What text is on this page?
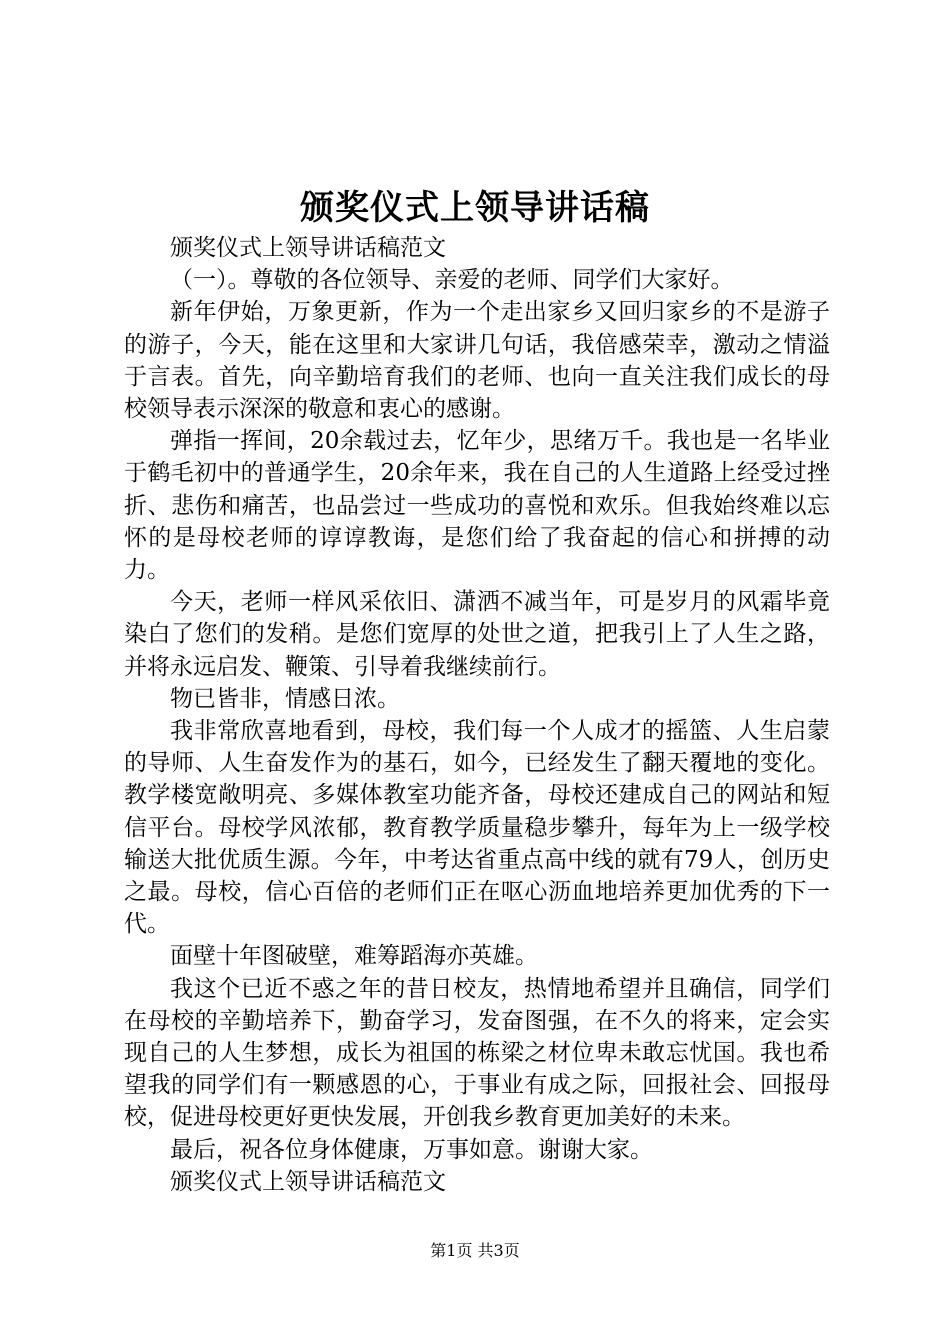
颁奖仪式上领导讲话稿

颁奖仪式上领导讲话稿范文

（一）。尊敬的各位领导、亲爱的老师、同学们大家好。

新年伊始，万象更新，作为一个走出家乡又回归家乡的不是游子的游子，今天，能在这里和大家讲几句话，我倍感荣幸，激动之情溢于言表。首先，向辛勤培育我们的老师、也向一直关注我们成长的母校领导表示深深的敬意和衷心的感谢。

弹指一挥间，20余载过去，忆年少，思绪万千。我也是一名毕业于鹤毛初中的普通学生，20余年来，我在自己的人生道路上经受过挫折、悲伤和痛苦，也品尝过一些成功的喜悦和欢乐。但我始终难以忘怀的是母校老师的谆谆教诲，是您们给了我奋起的信心和拼搏的动力。

今天，老师一样风采依旧、潇洒不减当年，可是岁月的风霜毕竟染白了您们的发稍。是您们宽厚的处世之道，把我引上了人生之路，并将永远启发、鞭策、引导着我继续前行。

物已皆非，情感日浓。

我非常欣喜地看到，母校，我们每一个人成才的摇篮、人生启蒙的导师、人生奋发作为的基石，如今，已经发生了翻天覆地的变化。教学楼宽敞明亮、多媒体教室功能齐备，母校还建成自己的网站和短信平台。母校学风浓郁，教育教学质量稳步攀升，每年为上一级学校输送大批优质生源。今年，中考达省重点高中线的就有79人，创历史之最。母校，信心百倍的老师们正在呕心沥血地培养更加优秀的下一代。

面壁十年图破壁，难筹蹈海亦英雄。

我这个已近不惑之年的昔日校友，热情地希望并且确信，同学们在母校的辛勤培养下，勤奋学习，发奋图强，在不久的将来，定会实现自己的人生梦想，成长为祖国的栋梁之材位卑未敢忘忧国。我也希望我的同学们有一颗感恩的心，于事业有成之际，回报社会、回报母校，促进母校更好更快发展，开创我乡教育更加美好的未来。

最后，祝各位身体健康，万事如意。谢谢大家。

颁奖仪式上领导讲话稿范文

第1页 共3页
